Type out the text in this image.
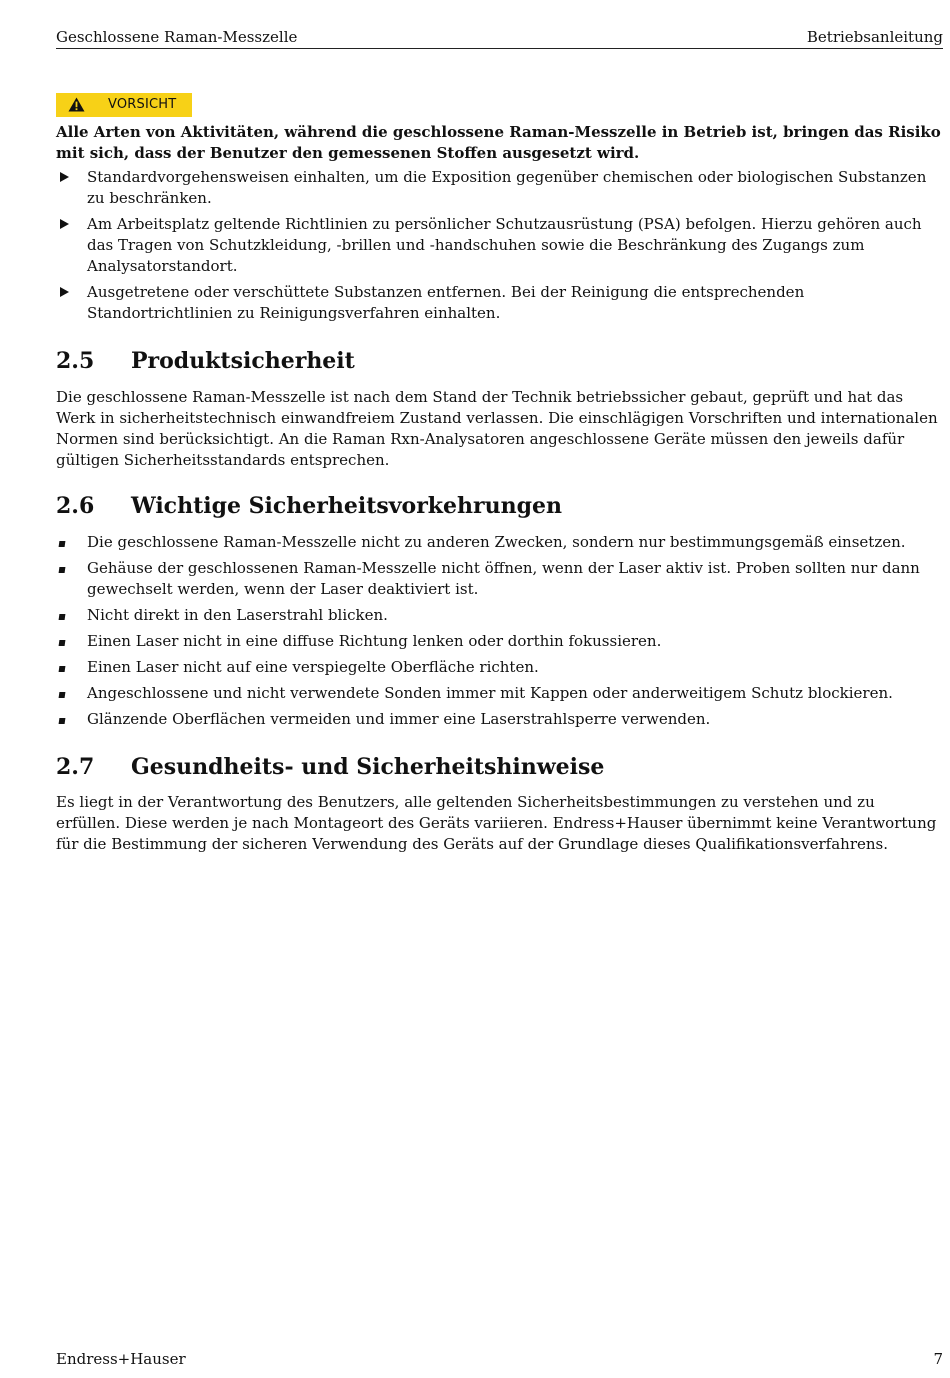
Geschlossene Raman-Messzelle	Betriebsanleitung
VORSICHT

Alle Arten von Aktivitäten, während die geschlossene Raman-Messzelle in Betrieb ist, bringen das Risiko mit sich, dass der Benutzer den gemessenen Stoffen ausgesetzt wird.

Standardvorgehensweisen einhalten, um die Exposition gegenüber chemischen oder biologischen Substanzen zu beschränken.
Am Arbeitsplatz geltende Richtlinien zu persönlicher Schutzausrüstung (PSA) befolgen. Hierzu gehören auch das Tragen von Schutzkleidung, -brillen und -handschuhen sowie die Beschränkung des Zugangs zum Analysatorstandort.
Ausgetretene oder verschüttete Substanzen entfernen. Bei der Reinigung die entsprechenden Standortrichtlinien zu Reinigungsverfahren einhalten.
2.5 Produktsicherheit

Die geschlossene Raman-Messzelle ist nach dem Stand der Technik betriebssicher gebaut, geprüft und hat das Werk in sicherheitstechnisch einwandfreiem Zustand verlassen. Die einschlägigen Vorschriften und internationalen Normen sind berücksichtigt. An die Raman Rxn-Analysatoren angeschlossene Geräte müssen den jeweils dafür gültigen Sicherheitsstandards entsprechen.

2.6 Wichtige Sicherheitsvorkehrungen
Die geschlossene Raman-Messzelle nicht zu anderen Zwecken, sondern nur bestimmungsgemäß einsetzen.
Gehäuse der geschlossenen Raman-Messzelle nicht öffnen, wenn der Laser aktiv ist. Proben sollten nur dann gewechselt werden, wenn der Laser deaktiviert ist.
Nicht direkt in den Laserstrahl blicken.
Einen Laser nicht in eine diffuse Richtung lenken oder dorthin fokussieren.
Einen Laser nicht auf eine verspiegelte Oberfläche richten.
Angeschlossene und nicht verwendete Sonden immer mit Kappen oder anderweitigem Schutz blockieren.
Glänzende Oberflächen vermeiden und immer eine Laserstrahlsperre verwenden.
2.7 Gesundheits- und Sicherheitshinweise

Es liegt in der Verantwortung des Benutzers, alle geltenden Sicherheitsbestimmungen zu verstehen und zu erfüllen. Diese werden je nach Montageort des Geräts variieren. Endress+Hauser übernimmt keine Verantwortung für die Bestimmung der sicheren Verwendung des Geräts auf der Grundlage dieses Qualifikationsverfahrens.

Endress+Hauser	7
